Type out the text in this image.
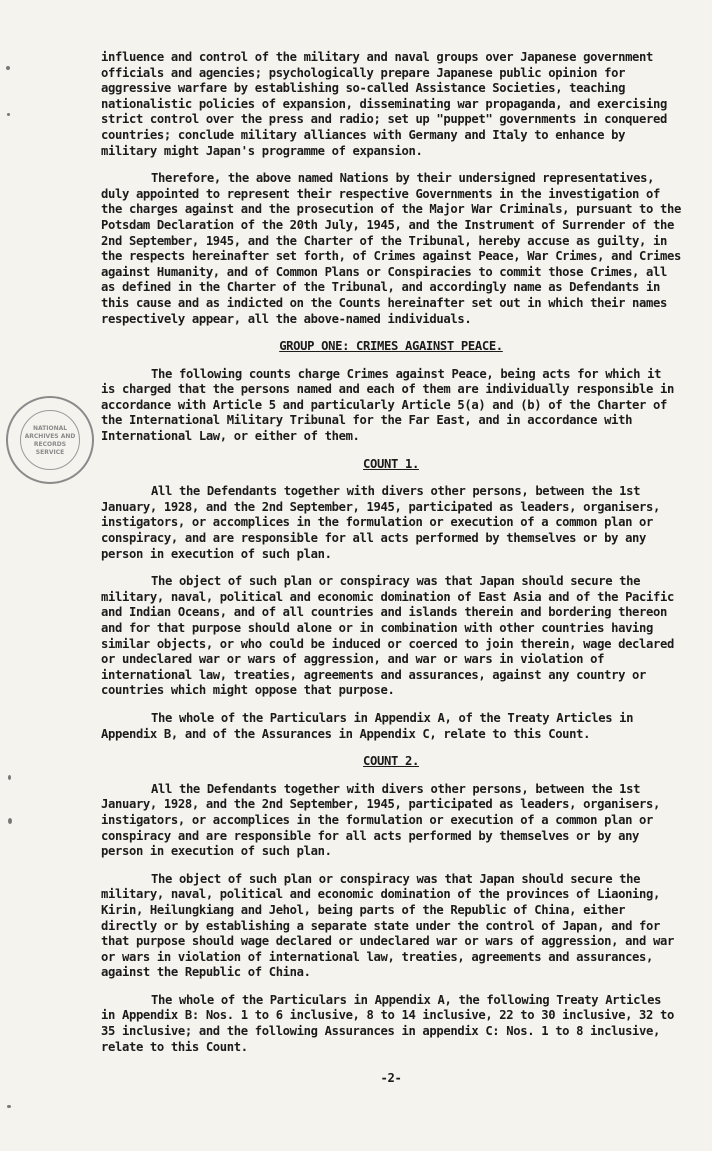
NATIONAL
ARCHIVES AND
RECORDS
SERVICE

influence and control of the military and naval groups over Japanese government officials and agencies; psychologically prepare Japanese public opinion for aggressive warfare by establishing so-called Assistance Societies, teaching nationalistic policies of expansion, disseminating war propaganda, and exercising strict control over the press and radio; set up "puppet" governments in conquered countries; conclude military alliances with Germany and Italy to enhance by military might Japan's programme of expansion.

Therefore, the above named Nations by their undersigned representatives, duly appointed to represent their respective Governments in the investigation of the charges against and the prosecution of the Major War Criminals, pursuant to the Potsdam Declaration of the 20th July, 1945, and the Instrument of Surrender of the 2nd September, 1945, and the Charter of the Tribunal, hereby accuse as guilty, in the respects hereinafter set forth, of Crimes against Peace, War Crimes, and Crimes against Humanity, and of Common Plans or Conspiracies to commit those Crimes, all as defined in the Charter of the Tribunal, and accordingly name as Defendants in this cause and as indicted on the Counts hereinafter set out in which their names respectively appear, all the above-named individuals.

GROUP ONE: CRIMES AGAINST PEACE.

The following counts charge Crimes against Peace, being acts for which it is charged that the persons named and each of them are individually responsible in accordance with Article 5 and particularly Article 5(a) and (b) of the Charter of the International Military Tribunal for the Far East, and in accordance with International Law, or either of them.

COUNT 1.

All the Defendants together with divers other persons, between the 1st January, 1928, and the 2nd September, 1945, participated as leaders, organisers, instigators, or accomplices in the formulation or execution of a common plan or conspiracy, and are responsible for all acts performed by themselves or by any person in execution of such plan.

The object of such plan or conspiracy was that Japan should secure the military, naval, political and economic domination of East Asia and of the Pacific and Indian Oceans, and of all countries and islands therein and bordering thereon and for that purpose should alone or in combination with other countries having similar objects, or who could be induced or coerced to join therein, wage declared or undeclared war or wars of aggression, and war or wars in violation of international law, treaties, agreements and assurances, against any country or countries which might oppose that purpose.

The whole of the Particulars in Appendix A, of the Treaty Articles in Appendix B, and of the Assurances in Appendix C, relate to this Count.

COUNT 2.

All the Defendants together with divers other persons, between the 1st January, 1928, and the 2nd September, 1945, participated as leaders, organisers, instigators, or accomplices in the formulation or execution of a common plan or conspiracy and are responsible for all acts performed by themselves or by any person in execution of such plan.

The object of such plan or conspiracy was that Japan should secure the military, naval, political and economic domination of the provinces of Liaoning, Kirin, Heilungkiang and Jehol, being parts of the Republic of China, either directly or by establishing a separate state under the control of Japan, and for that purpose should wage declared or undeclared war or wars of aggression, and war or wars in violation of international law, treaties, agreements and assurances, against the Republic of China.

The whole of the Particulars in Appendix A, the following Treaty Articles in Appendix B: Nos. 1 to 6 inclusive, 8 to 14 inclusive, 22 to 30 inclusive, 32 to 35 inclusive; and the following Assurances in appendix C: Nos. 1 to 8 inclusive, relate to this Count.

-2-
